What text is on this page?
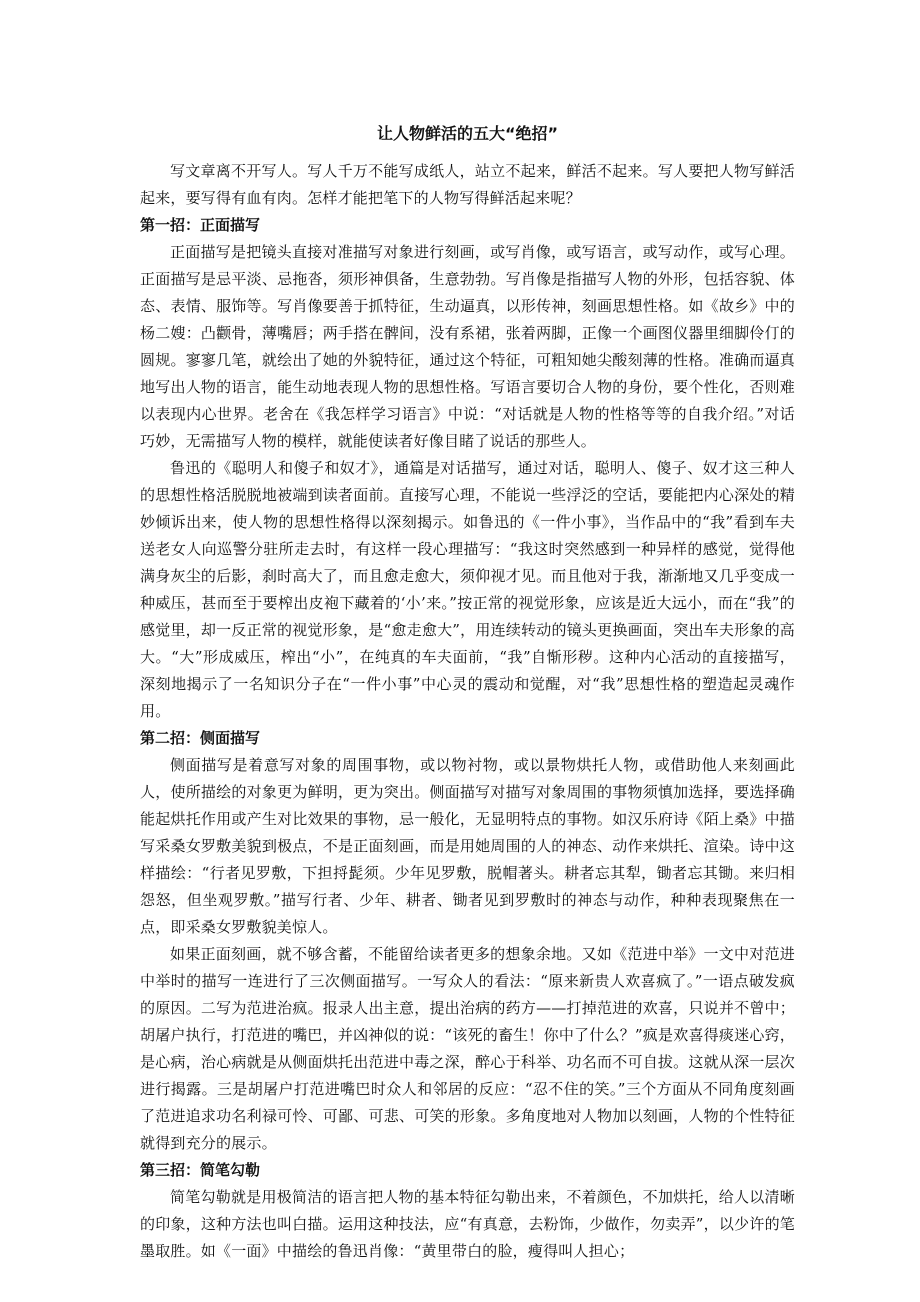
让人物鲜活的五大“绝招”

写文章离不开写人。写人千万不能写成纸人，站立不起来，鲜活不起来。写人要把人物写鲜活起来，要写得有血有肉。怎样才能把笔下的人物写得鲜活起来呢？

第一招：正面描写

正面描写是把镜头直接对准描写对象进行刻画，或写肖像，或写语言，或写动作，或写心理。正面描写是忌平淡、忌拖沓，须形神俱备，生意勃勃。写肖像是指描写人物的外形，包括容貌、体态、表情、服饰等。写肖像要善于抓特征，生动逼真，以形传神，刻画思想性格。如《故乡》中的杨二嫂：凸颧骨，薄嘴唇；两手搭在髀间，没有系裙，张着两脚，正像一个画图仪器里细脚伶仃的圆规。寥寥几笔，就绘出了她的外貌特征，通过这个特征，可粗知她尖酸刻薄的性格。准确而逼真地写出人物的语言，能生动地表现人物的思想性格。写语言要切合人物的身份，要个性化，否则难以表现内心世界。老舍在《我怎样学习语言》中说：“对话就是人物的性格等等的自我介绍。”对话巧妙，无需描写人物的模样，就能使读者好像目睹了说话的那些人。

鲁迅的《聪明人和傻子和奴才》，通篇是对话描写，通过对话，聪明人、傻子、奴才这三种人的思想性格活脱脱地被端到读者面前。直接写心理，不能说一些浮泛的空话，要能把内心深处的精妙倾诉出来，使人物的思想性格得以深刻揭示。如鲁迅的《一件小事》，当作品中的“我”看到车夫送老女人向巡警分驻所走去时，有这样一段心理描写：“我这时突然感到一种异样的感觉，觉得他满身灰尘的后影，刹时高大了，而且愈走愈大，须仰视才见。而且他对于我，渐渐地又几乎变成一种威压，甚而至于要榨出皮袍下藏着的‘小’来。”按正常的视觉形象，应该是近大远小，而在“我”的感觉里，却一反正常的视觉形象，是“愈走愈大”，用连续转动的镜头更换画面，突出车夫形象的高大。“大”形成威压，榨出“小”，在纯真的车夫面前，“我”自惭形秽。这种内心活动的直接描写，深刻地揭示了一名知识分子在“一件小事”中心灵的震动和觉醒，对“我”思想性格的塑造起灵魂作用。

第二招：侧面描写

侧面描写是着意写对象的周围事物，或以物衬物，或以景物烘托人物，或借助他人来刻画此人，使所描绘的对象更为鲜明，更为突出。侧面描写对描写对象周围的事物须慎加选择，要选择确能起烘托作用或产生对比效果的事物，忌一般化，无显明特点的事物。如汉乐府诗《陌上桑》中描写采桑女罗敷美貌到极点，不是正面刻画，而是用她周围的人的神态、动作来烘托、渲染。诗中这样描绘：“行者见罗敷，下担捋髭须。少年见罗敷，脱帽著头。耕者忘其犁，锄者忘其锄。来归相怨怒，但坐观罗敷。”描写行者、少年、耕者、锄者见到罗敷时的神态与动作，种种表现聚焦在一点，即采桑女罗敷貌美惊人。

如果正面刻画，就不够含蓄，不能留给读者更多的想象余地。又如《范进中举》一文中对范进中举时的描写一连进行了三次侧面描写。一写众人的看法：“原来新贵人欢喜疯了。”一语点破发疯的原因。二写为范进治疯。报录人出主意，提出治病的药方——打掉范进的欢喜，只说并不曾中；胡屠户执行，打范进的嘴巴，并凶神似的说：“该死的畜生！你中了什么？”疯是欢喜得痰迷心窍，是心病，治心病就是从侧面烘托出范进中毒之深，醉心于科举、功名而不可自拔。这就从深一层次进行揭露。三是胡屠户打范进嘴巴时众人和邻居的反应：“忍不住的笑。”三个方面从不同角度刻画了范进追求功名利禄可怜、可鄙、可悲、可笑的形象。多角度地对人物加以刻画，人物的个性特征就得到充分的展示。

第三招：简笔勾勒

简笔勾勒就是用极简洁的语言把人物的基本特征勾勒出来，不着颜色，不加烘托，给人以清晰的印象，这种方法也叫白描。运用这种技法，应“有真意，去粉饰，少做作，勿卖弄”，以少许的笔墨取胜。如《一面》中描绘的鲁迅肖像：“黄里带白的脸，瘦得叫人担心；
